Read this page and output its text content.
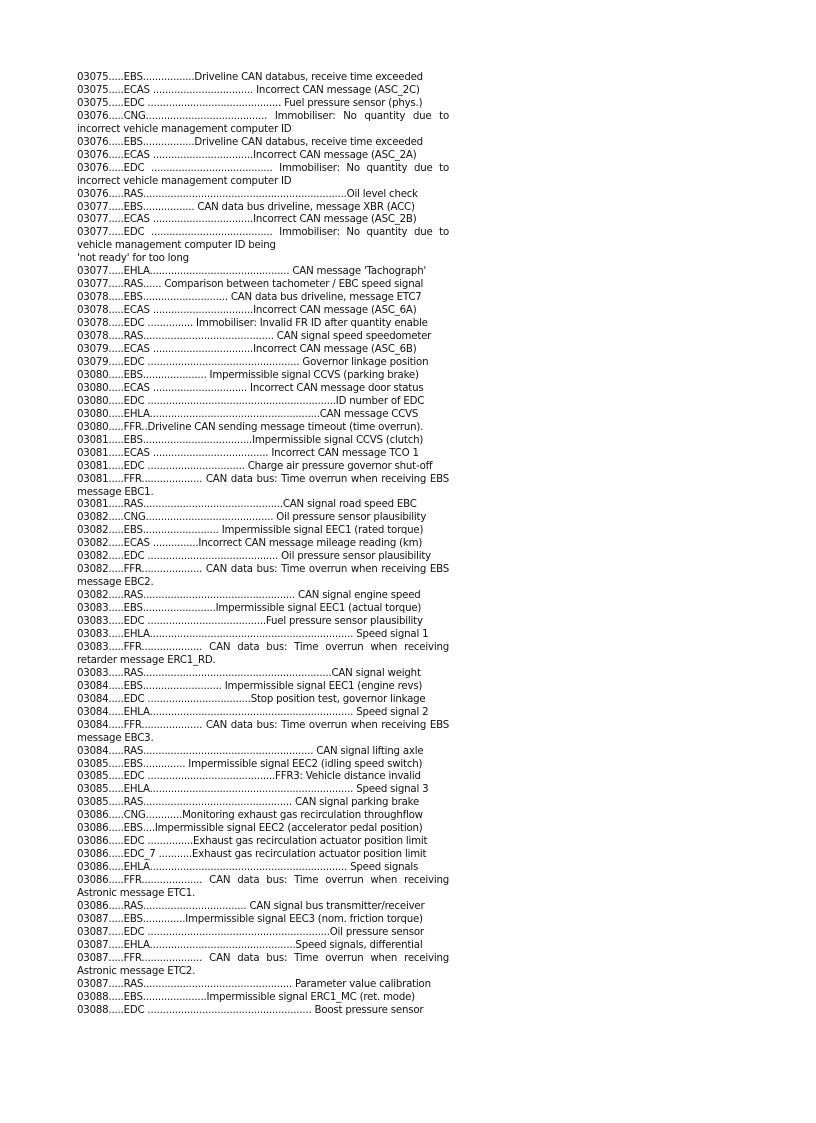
03075.....EBS.................Driveline CAN databus, receive time exceeded

03075.....ECAS ................................. Incorrect CAN message (ASC_2C)

03075.....EDC ............................................ Fuel pressure sensor (phys.)

03076.....CNG........................................ Immobiliser: No quantity due to incorrect vehicle management computer ID

03076.....EBS.................Driveline CAN databus, receive time exceeded

03076.....ECAS .................................Incorrect CAN message (ASC_2A)

03076.....EDC ........................................ Immobiliser: No quantity due to incorrect vehicle management computer ID

03076.....RAS...................................................................Oil level check

03077.....EBS................. CAN data bus driveline, message XBR (ACC)

03077.....ECAS .................................Incorrect CAN message (ASC_2B)

03077.....EDC ........................................ Immobiliser: No quantity due to vehicle management computer ID being

'not ready' for too long

03077.....EHLA.............................................. CAN message 'Tachograph'

03077.....RAS...... Comparison between tachometer / EBC speed signal

03078.....EBS............................ CAN data bus driveline, message ETC7

03078.....ECAS .................................Incorrect CAN message (ASC_6A)

03078.....EDC ............... Immobiliser: Invalid FR ID after quantity enable

03078.....RAS........................................... CAN signal speed speedometer

03079.....ECAS .................................Incorrect CAN message (ASC_6B)

03079.....EDC .................................................. Governor linkage position

03080.....EBS..................... Impermissible signal CCVS (parking brake)

03080.....ECAS ............................... Incorrect CAN message door status

03080.....EDC ..............................................................ID number of EDC

03080.....EHLA........................................................CAN message CCVS

03080.....FFR..Driveline CAN sending message timeout (time overrun).

03081.....EBS....................................Impermissible signal CCVS (clutch)

03081.....ECAS ...................................... Incorrect CAN message TCO 1

03081.....EDC ................................ Charge air pressure governor shut-off

03081.....FFR.................... CAN data bus: Time overrun when receiving EBS message EBC1.

03081.....RAS..............................................CAN signal road speed EBC

03082.....CNG.......................................... Oil pressure sensor plausibility

03082.....EBS......................... Impermissible signal EEC1 (rated torque)

03082.....ECAS ...............Incorrect CAN message mileage reading (km)

03082.....EDC ........................................... Oil pressure sensor plausibility

03082.....FFR.................... CAN data bus: Time overrun when receiving EBS message EBC2.

03082.....RAS.................................................. CAN signal engine speed

03083.....EBS........................Impermissible signal EEC1 (actual torque)

03083.....EDC .......................................Fuel pressure sensor plausibility

03083.....EHLA................................................................... Speed signal 1

03083.....FFR.................... CAN data bus: Time overrun when receiving retarder message ERC1_RD.

03083.....RAS..............................................................CAN signal weight

03084.....EBS.......................... Impermissible signal EEC1 (engine revs)

03084.....EDC ..................................Stop position test, governor linkage

03084.....EHLA................................................................... Speed signal 2

03084.....FFR.................... CAN data bus: Time overrun when receiving EBS message EBC3.

03084.....RAS........................................................ CAN signal lifting axle

03085.....EBS.............. Impermissible signal EEC2 (idling speed switch)

03085.....EDC ..........................................FFR3: Vehicle distance invalid

03085.....EHLA................................................................... Speed signal 3

03085.....RAS................................................. CAN signal parking brake

03086.....CNG............Monitoring exhaust gas recirculation throughflow

03086.....EBS....Impermissible signal EEC2 (accelerator pedal position)

03086.....EDC ...............Exhaust gas recirculation actuator position limit

03086.....EDC_7 ...........Exhaust gas recirculation actuator position limit

03086.....EHLA................................................................. Speed signals

03086.....FFR.................... CAN data bus: Time overrun when receiving Astronic message ETC1.

03086.....RAS.................................. CAN signal bus transmitter/receiver

03087.....EBS..............Impermissible signal EEC3 (nom. friction torque)

03087.....EDC ............................................................Oil pressure sensor

03087.....EHLA................................................Speed signals, differential

03087.....FFR.................... CAN data bus: Time overrun when receiving Astronic message ETC2.

03087.....RAS................................................. Parameter value calibration

03088.....EBS.....................Impermissible signal ERC1_MC (ret. mode)

03088.....EDC ...................................................... Boost pressure sensor
